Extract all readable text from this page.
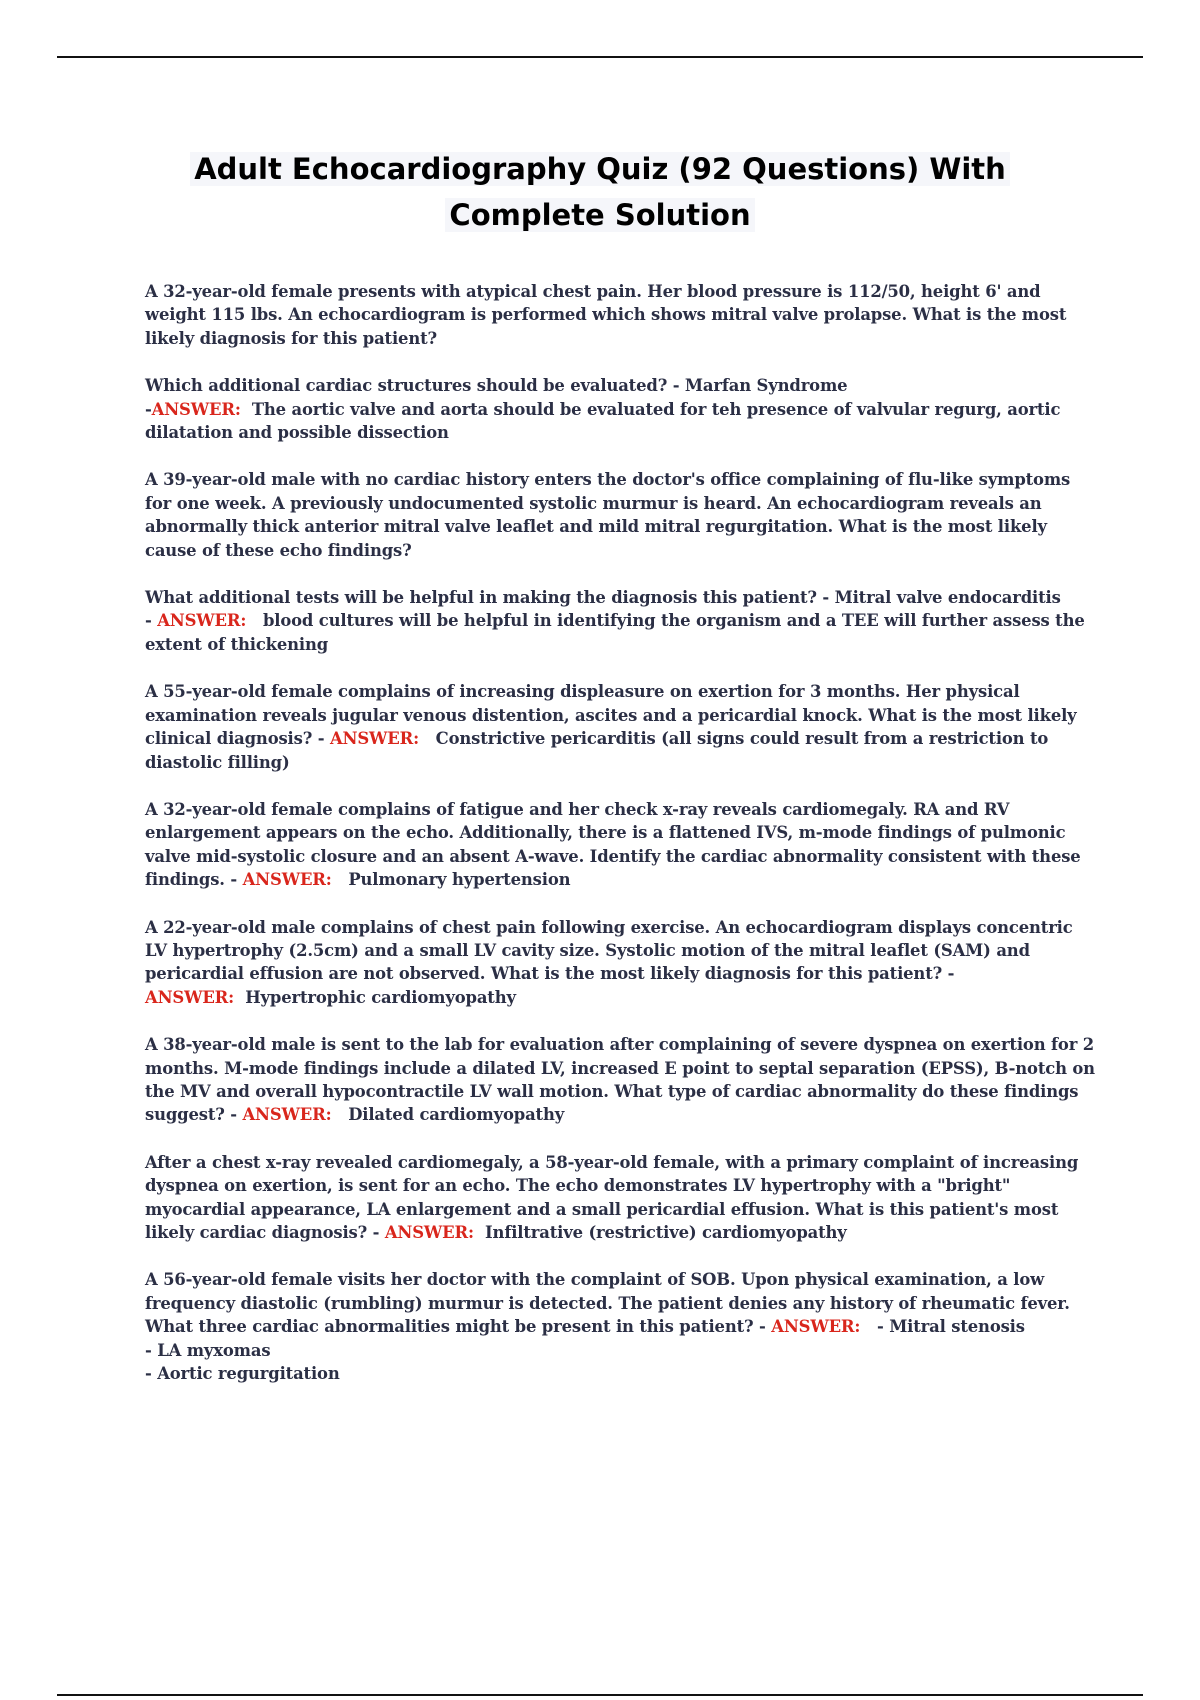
Adult Echocardiography Quiz (92 Questions) With
Complete Solution

A 32-year-old female presents with atypical chest pain. Her blood pressure is 112/50, height 6' and weight 115 lbs. An echocardiogram is performed which shows mitral valve prolapse. What is the most likely diagnosis for this patient?

Which additional cardiac structures should be evaluated? - Marfan Syndrome
-ANSWER: The aortic valve and aorta should be evaluated for teh presence of valvular regurg, aortic dilatation and possible dissection

A 39-year-old male with no cardiac history enters the doctor's office complaining of flu-like symptoms for one week. A previously undocumented systolic murmur is heard. An echocardiogram reveals an abnormally thick anterior mitral valve leaflet and mild mitral regurgitation. What is the most likely cause of these echo findings?

What additional tests will be helpful in making the diagnosis this patient? - Mitral valve endocarditis
- ANSWER: blood cultures will be helpful in identifying the organism and a TEE will further assess the extent of thickening

A 55-year-old female complains of increasing displeasure on exertion for 3 months. Her physical examination reveals jugular venous distention, ascites and a pericardial knock. What is the most likely clinical diagnosis? - ANSWER: Constrictive pericarditis (all signs could result from a restriction to diastolic filling)

A 32-year-old female complains of fatigue and her check x-ray reveals cardiomegaly. RA and RV enlargement appears on the echo. Additionally, there is a flattened IVS, m-mode findings of pulmonic valve mid-systolic closure and an absent A-wave. Identify the cardiac abnormality consistent with these findings. - ANSWER: Pulmonary hypertension

A 22-year-old male complains of chest pain following exercise. An echocardiogram displays concentric LV hypertrophy (2.5cm) and a small LV cavity size. Systolic motion of the mitral leaflet (SAM) and pericardial effusion are not observed. What is the most likely diagnosis for this patient? - ANSWER: Hypertrophic cardiomyopathy

A 38-year-old male is sent to the lab for evaluation after complaining of severe dyspnea on exertion for 2 months. M-mode findings include a dilated LV, increased E point to septal separation (EPSS), B-notch on the MV and overall hypocontractile LV wall motion. What type of cardiac abnormality do these findings suggest? - ANSWER: Dilated cardiomyopathy

After a chest x-ray revealed cardiomegaly, a 58-year-old female, with a primary complaint of increasing dyspnea on exertion, is sent for an echo. The echo demonstrates LV hypertrophy with a "bright" myocardial appearance, LA enlargement and a small pericardial effusion. What is this patient's most likely cardiac diagnosis? - ANSWER: Infiltrative (restrictive) cardiomyopathy

A 56-year-old female visits her doctor with the complaint of SOB. Upon physical examination, a low frequency diastolic (rumbling) murmur is detected. The patient denies any history of rheumatic fever. What three cardiac abnormalities might be present in this patient? - ANSWER: - Mitral stenosis
- LA myxomas
- Aortic regurgitation
